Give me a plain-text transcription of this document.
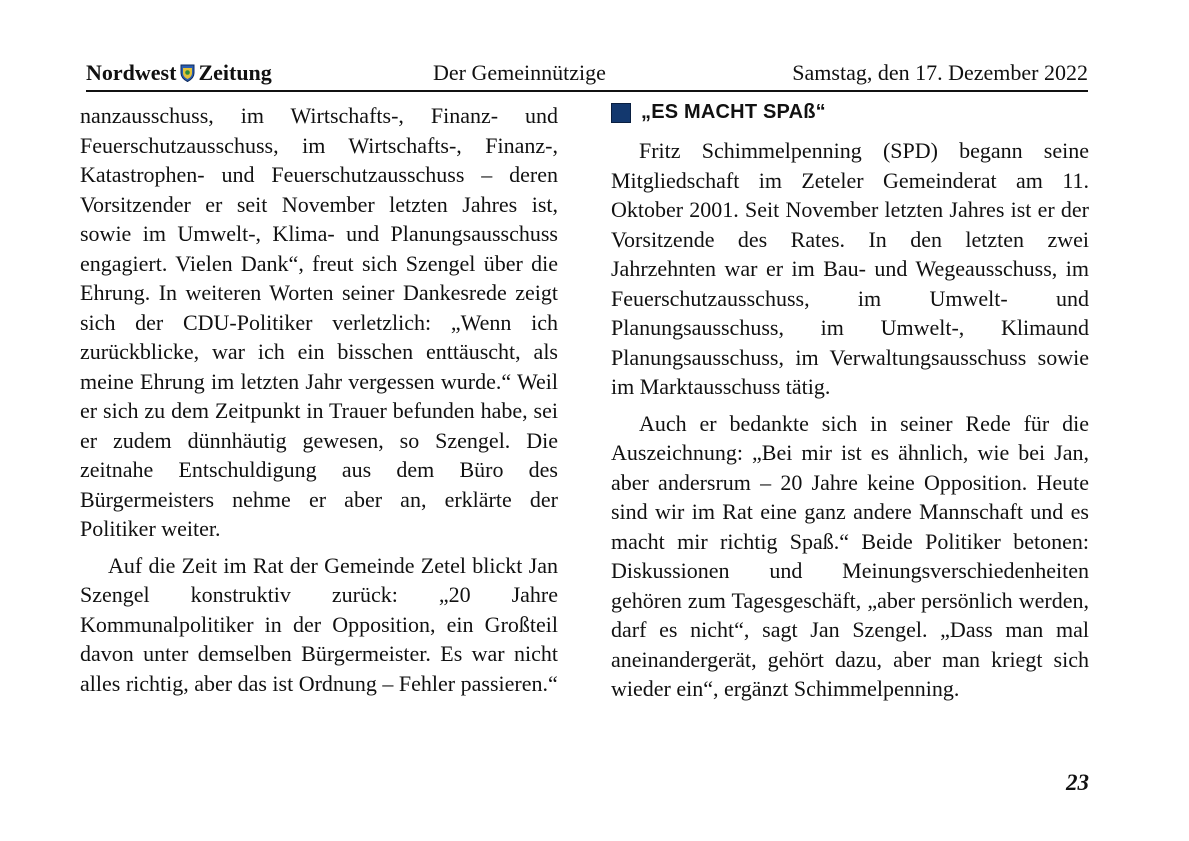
Nordwest Zeitung	Der Gemeinnützige	Samstag, den 17. Dezember 2022

nanzausschuss, im Wirtschafts-, Finanz- und Feuerschutzausschuss, im Wirtschafts-, Finanz-, Katastrophen- und Feuerschutzausschuss – deren Vorsitzender er seit November letzten Jahres ist, sowie im Umwelt-, Klima- und Planungsausschuss engagiert. Vielen Dank“, freut sich Szengel über die Ehrung. In weiteren Worten seiner Dankesrede zeigt sich der CDU-Politiker verletzlich: „Wenn ich zurückblicke, war ich ein bisschen enttäuscht, als meine Ehrung im letzten Jahr vergessen wurde.“ Weil er sich zu dem Zeitpunkt in Trauer befunden habe, sei er zudem dünnhäutig gewesen, so Szengel. Die zeitnahe Entschuldigung aus dem Büro des Bürgermeisters nehme er aber an, erklärte der Politiker weiter.

Auf die Zeit im Rat der Gemeinde Zetel blickt Jan Szengel konstruktiv zurück: „20 Jahre Kommunalpolitiker in der Opposition, ein Großteil davon unter demselben Bürgermeister. Es war nicht alles richtig, aber das ist Ordnung – Fehler passieren.“

„ES MACHT SPAß“

Fritz Schimmelpenning (SPD) begann seine Mitgliedschaft im Zeteler Gemeinderat am 11. Oktober 2001. Seit November letzten Jahres ist er der Vorsitzende des Rates. In den letzten zwei Jahrzehnten war er im Bau- und Wegeausschuss, im Feuerschutzausschuss, im Umwelt- und Planungsausschuss, im Umwelt-, Klimaund Planungsausschuss, im Verwaltungsausschuss sowie im Marktausschuss tätig.

Auch er bedankte sich in seiner Rede für die Auszeichnung: „Bei mir ist es ähnlich, wie bei Jan, aber andersrum – 20 Jahre keine Opposition. Heute sind wir im Rat eine ganz andere Mannschaft und es macht mir richtig Spaß.“ Beide Politiker betonen: Diskussionen und Meinungsverschiedenheiten gehören zum Tagesgeschäft, „aber persönlich werden, darf es nicht“, sagt Jan Szengel. „Dass man mal aneinandergerät, gehört dazu, aber man kriegt sich wieder ein“, ergänzt Schimmelpenning.

23
